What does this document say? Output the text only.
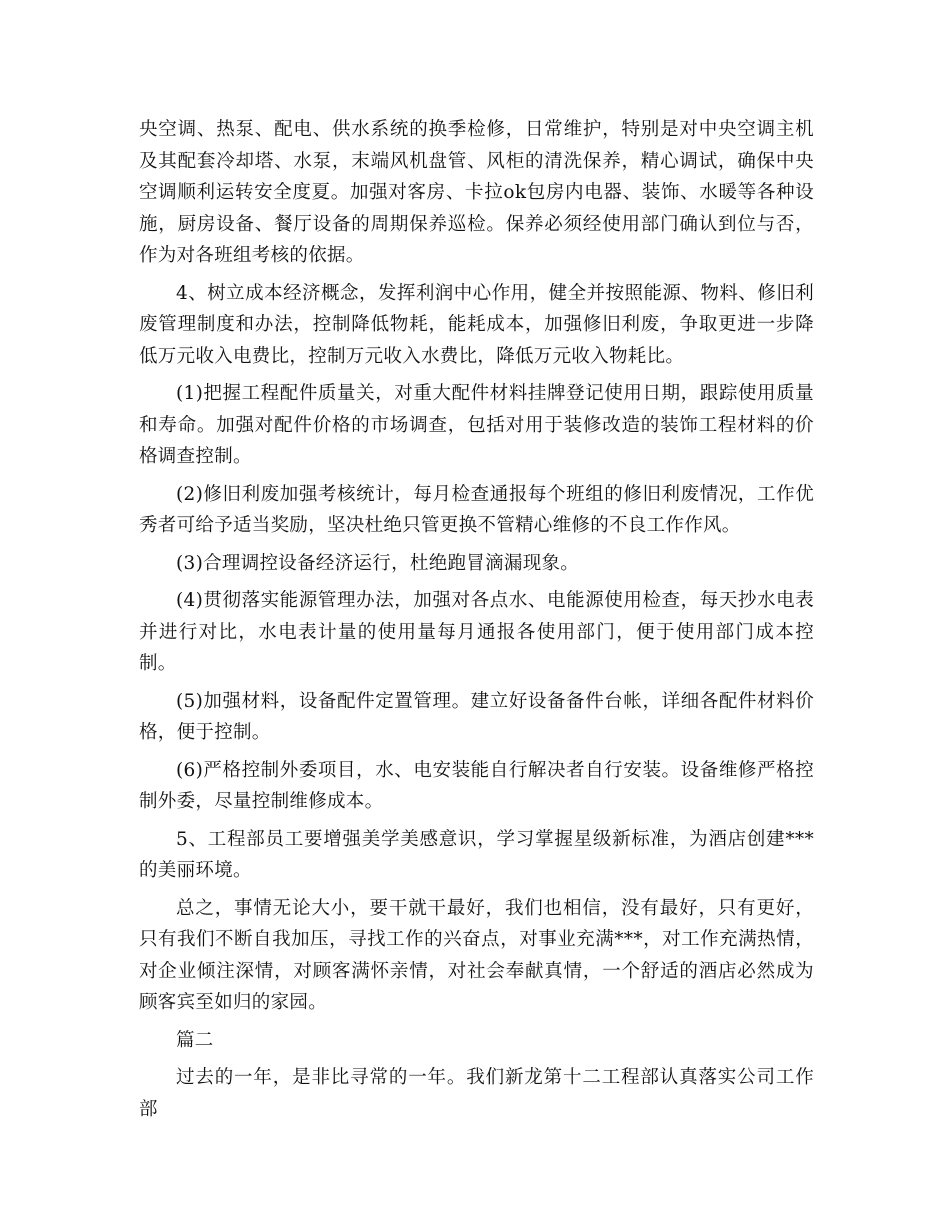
央空调、热泵、配电、供水系统的换季检修，日常维护，特别是对中央空调主机及其配套冷却塔、水泵，末端风机盘管、风柜的清洗保养，精心调试，确保中央空调顺利运转安全度夏。加强对客房、卡拉ok包房内电器、装饰、水暖等各种设施，厨房设备、餐厅设备的周期保养巡检。保养必须经使用部门确认到位与否，作为对各班组考核的依据。

4、树立成本经济概念，发挥利润中心作用，健全并按照能源、物料、修旧利废管理制度和办法，控制降低物耗，能耗成本，加强修旧利废，争取更进一步降低万元收入电费比，控制万元收入水费比，降低万元收入物耗比。

(1)把握工程配件质量关，对重大配件材料挂牌登记使用日期，跟踪使用质量和寿命。加强对配件价格的市场调查，包括对用于装修改造的装饰工程材料的价格调查控制。

(2)修旧利废加强考核统计，每月检查通报每个班组的修旧利废情况，工作优秀者可给予适当奖励，坚决杜绝只管更换不管精心维修的不良工作作风。

(3)合理调控设备经济运行，杜绝跑冒滴漏现象。

(4)贯彻落实能源管理办法，加强对各点水、电能源使用检查，每天抄水电表并进行对比，水电表计量的使用量每月通报各使用部门，便于使用部门成本控制。

(5)加强材料，设备配件定置管理。建立好设备备件台帐，详细各配件材料价格，便于控制。

(6)严格控制外委项目，水、电安装能自行解决者自行安装。设备维修严格控制外委，尽量控制维修成本。

5、工程部员工要增强美学美感意识，学习掌握星级新标准，为酒店创建***的美丽环境。

总之，事情无论大小，要干就干最好，我们也相信，没有最好，只有更好，只有我们不断自我加压，寻找工作的兴奋点，对事业充满***，对工作充满热情，对企业倾注深情，对顾客满怀亲情，对社会奉献真情，一个舒适的酒店必然成为顾客宾至如归的家园。

篇二

过去的一年，是非比寻常的一年。我们新龙第十二工程部认真落实公司工作部
